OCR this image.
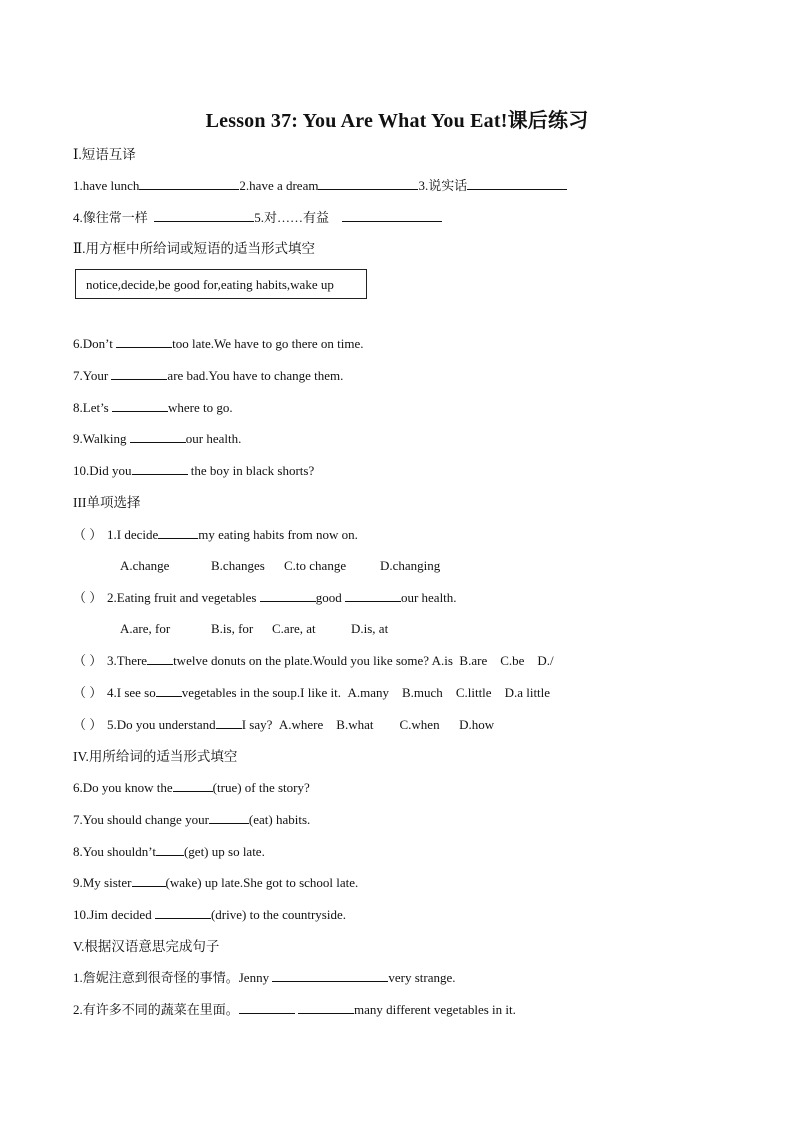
Lesson 37: You Are What You Eat!课后练习
Ⅰ.短语互译
1.have lunch	2.have a dream	3.说实话
4.像往常一样	5.对……有益
Ⅱ.用方框中所给词或短语的适当形式填空
notice,decide,be good for,eating habits,wake up
6.Don’t	too late.We have to go there on time.
7.Your	are bad.You have to change them.
8.Let’s	where to go.
9.Walking	our health.
10.Did you	the boy in black shorts?
III单项选择
（ ） 1.I decide	my eating habits from now on.
A.change	B.changes C.to change	D.changing
（ ） 2.Eating fruit and vegetables	good	our health.
A.are, for	B.is, for C.are, at	D.is, at
（ ） 3.There twelve donuts on the plate.Would you like some? A.is B.are C.be D./
（ ） 4.I see so vegetables in the soup.I like it. A.many B.much C.little D.a little
（ ） 5.Do you understand I say? A.where B.what C.when D.how
IV.用所给词的适当形式填空
6.Do you know the	(true) of the story?
7.You should change your	(eat) habits.
8.You shouldn’t (get) up so late.
9.My sister	(wake) up late.She got to school late.
10.Jim decided	(drive) to the countryside.
V.根据汉语意思完成句子
1.詹妮注意到很奇怪的事情。Jenny	very strange.
2.有许多不同的蔬菜在里面。	many different vegetables in it.
